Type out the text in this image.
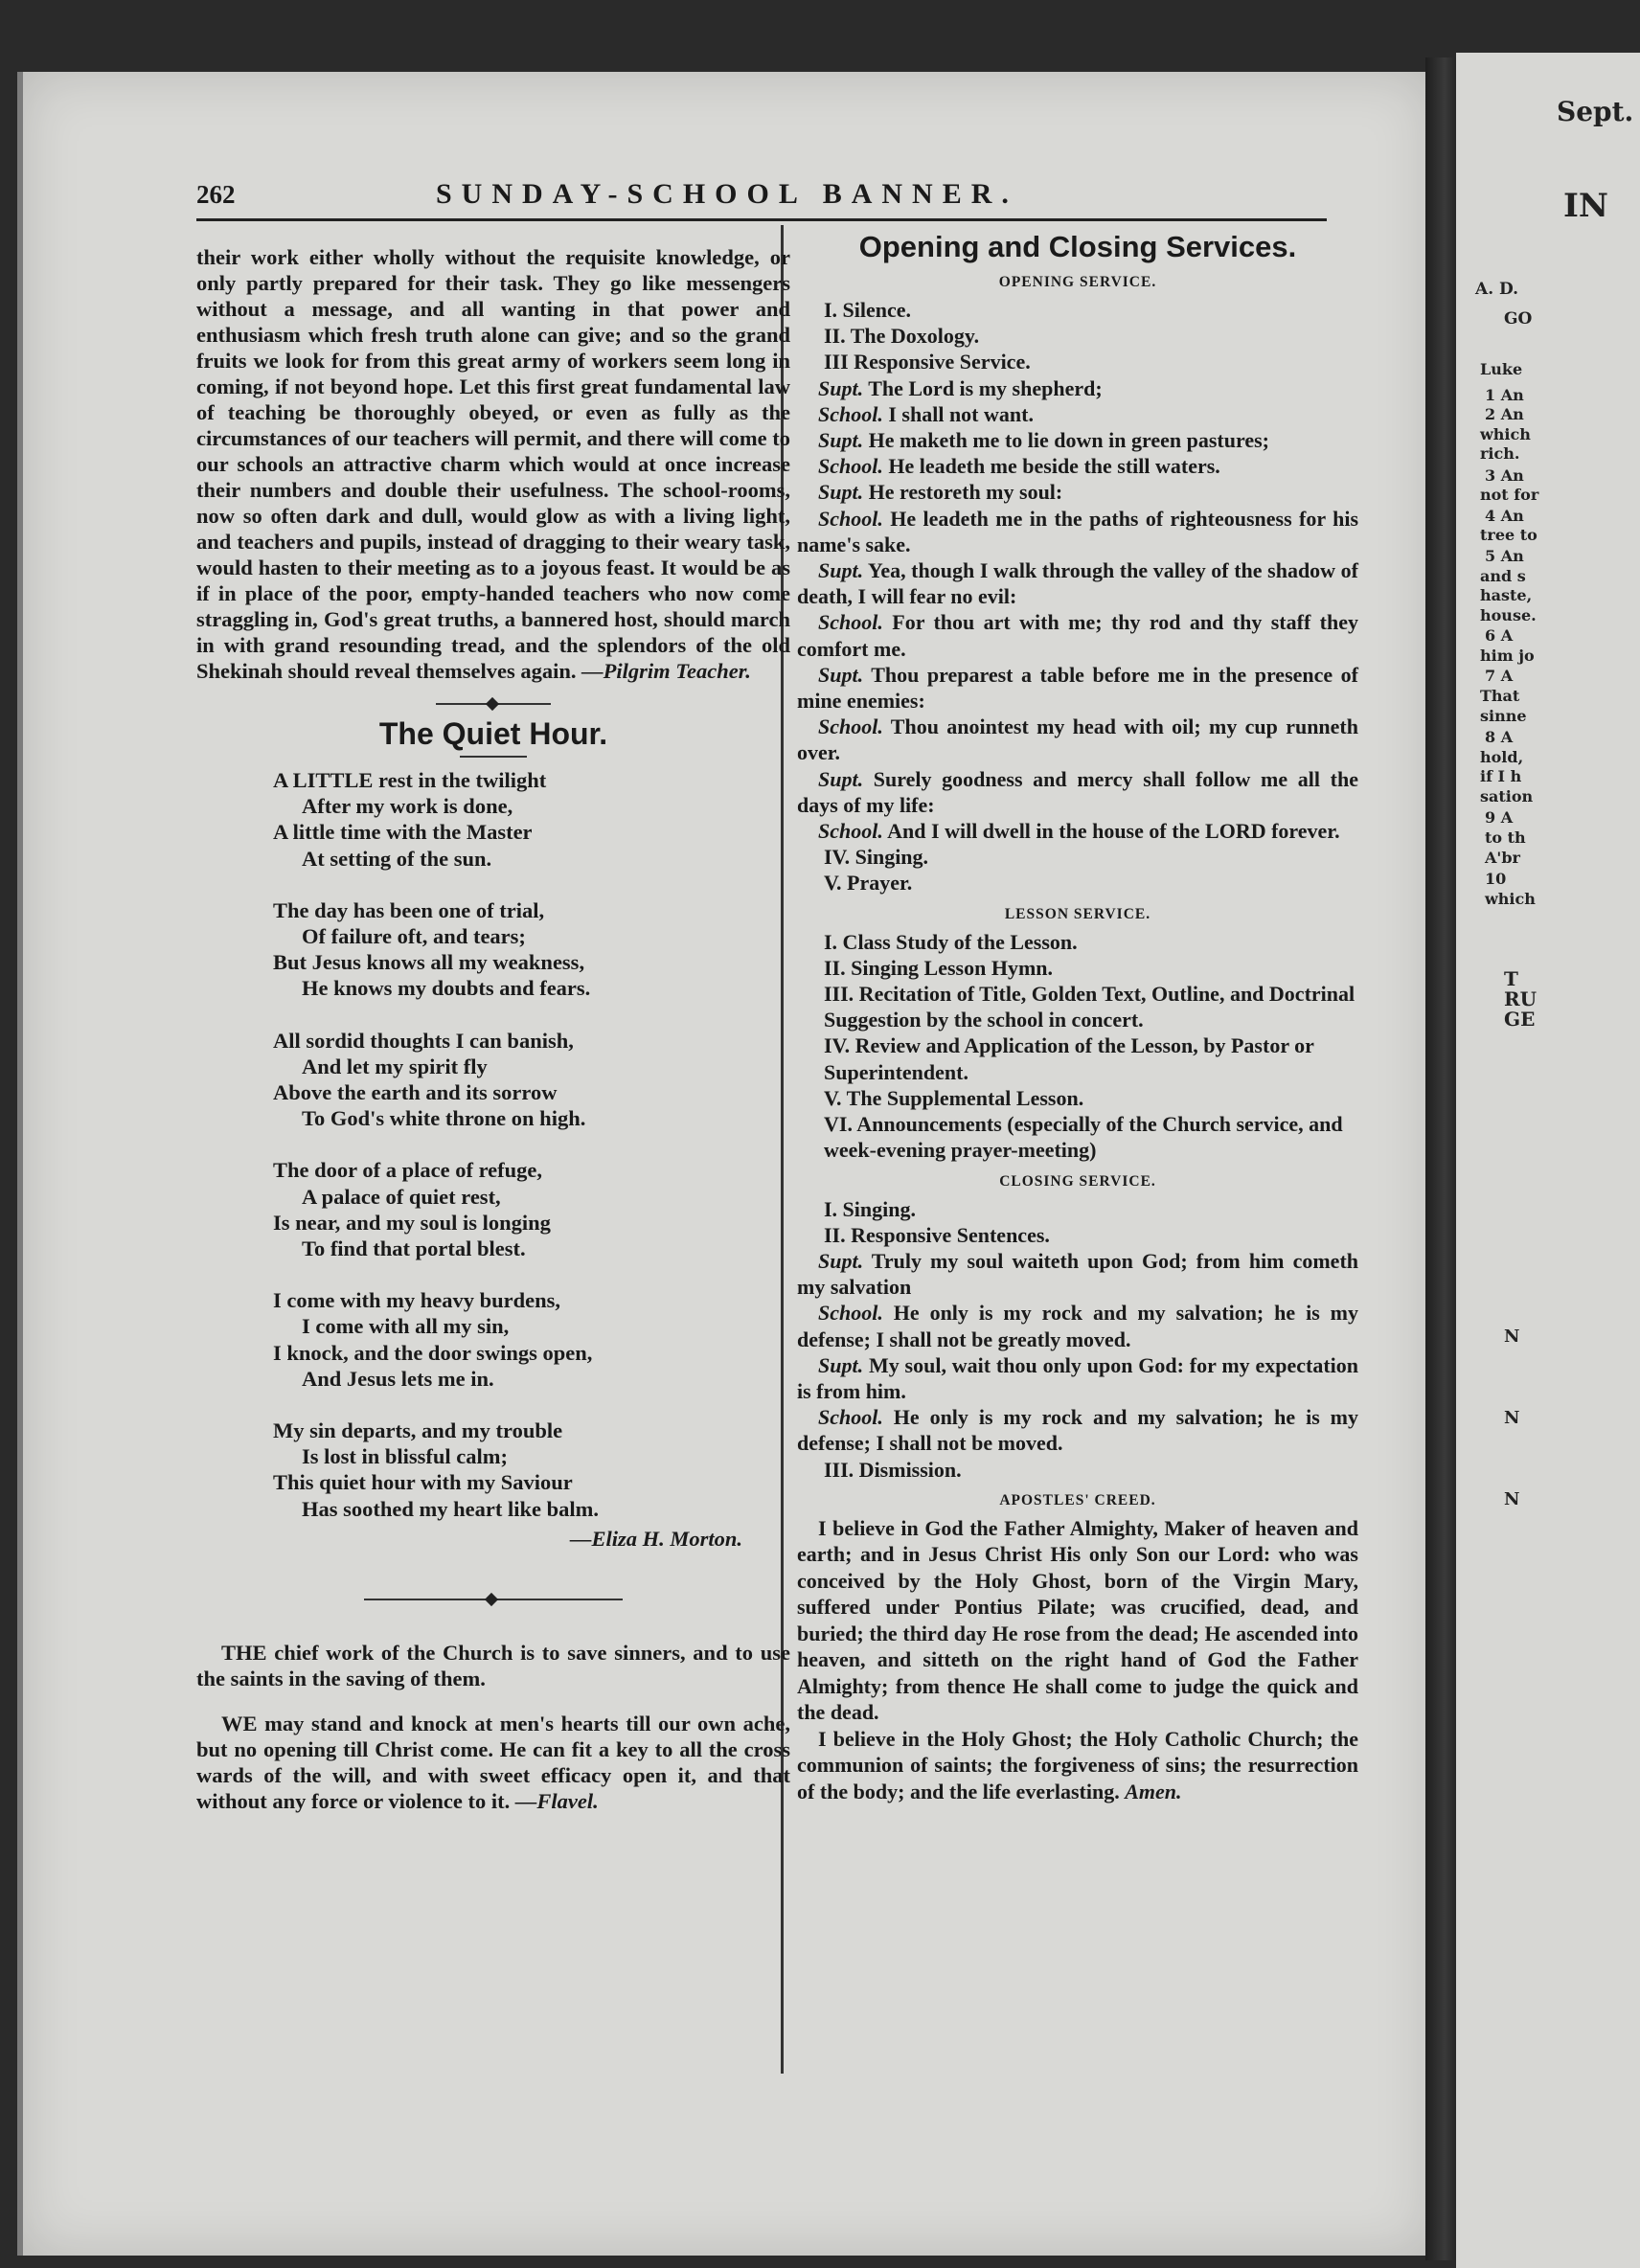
Sept.
IN
A. D.
GO
Luke
1 An
2 An
which
rich.
3 An
not for
4 An
tree to
5 An
and s
haste,
house.
6 A
him jo
7 A
That
sinne
8 A
hold,
if I h
sation
9 A
to th
A'br
10
which
T
RU
GE
N
N
N
262	SUNDAY-SCHOOL BANNER.

their work either wholly without the requisite knowledge, or only partly prepared for their task. They go like messengers without a message, and all wanting in that power and enthusiasm which fresh truth alone can give; and so the grand fruits we look for from this great army of workers seem long in coming, if not beyond hope. Let this first great fundamental law of teaching be thoroughly obeyed, or even as fully as the circumstances of our teachers will permit, and there will come to our schools an attractive charm which would at once increase their numbers and double their usefulness. The school-rooms, now so often dark and dull, would glow as with a living light, and teachers and pupils, instead of dragging to their weary task, would hasten to their meeting as to a joyous feast. It would be as if in place of the poor, empty-handed teachers who now come straggling in, God's great truths, a bannered host, should march in with grand resounding tread, and the splendors of the old Shekinah should reveal themselves again. —Pilgrim Teacher.

The Quiet Hour.
A LITTLE rest in the twilight
After my work is done,
A little time with the Master
At setting of the sun.
The day has been one of trial,
Of failure oft, and tears;
But Jesus knows all my weakness,
He knows my doubts and fears.
All sordid thoughts I can banish,
And let my spirit fly
Above the earth and its sorrow
To God's white throne on high.
The door of a place of refuge,
A palace of quiet rest,
Is near, and my soul is longing
To find that portal blest.
I come with my heavy burdens,
I come with all my sin,
I knock, and the door swings open,
And Jesus lets me in.
My sin departs, and my trouble
Is lost in blissful calm;
This quiet hour with my Saviour
Has soothed my heart like balm.
—Eliza H. Morton.

THE chief work of the Church is to save sinners, and to use the saints in the saving of them.

WE may stand and knock at men's hearts till our own ache, but no opening till Christ come. He can fit a key to all the cross wards of the will, and with sweet efficacy open it, and that without any force or violence to it. —Flavel.

Opening and Closing Services.
OPENING SERVICE.
I. Silence.
II. The Doxology.
III Responsive Service.
Supt. The Lord is my shepherd;
School. I shall not want.
Supt. He maketh me to lie down in green pastures;
School. He leadeth me beside the still waters.
Supt. He restoreth my soul:
School. He leadeth me in the paths of righteousness for his name's sake.
Supt. Yea, though I walk through the valley of the shadow of death, I will fear no evil:
School. For thou art with me; thy rod and thy staff they comfort me.
Supt. Thou preparest a table before me in the presence of mine enemies:
School. Thou anointest my head with oil; my cup runneth over.
Supt. Surely goodness and mercy shall follow me all the days of my life:
School. And I will dwell in the house of the LORD forever.
IV. Singing.
V. Prayer.
LESSON SERVICE.
I. Class Study of the Lesson.
II. Singing Lesson Hymn.
III. Recitation of Title, Golden Text, Outline, and Doctrinal Suggestion by the school in concert.
IV. Review and Application of the Lesson, by Pastor or Superintendent.
V. The Supplemental Lesson.
VI. Announcements (especially of the Church service, and week-evening prayer-meeting)
CLOSING SERVICE.
I. Singing.
II. Responsive Sentences.
Supt. Truly my soul waiteth upon God; from him cometh my salvation
School. He only is my rock and my salvation; he is my defense; I shall not be greatly moved.
Supt. My soul, wait thou only upon God: for my expectation is from him.
School. He only is my rock and my salvation; he is my defense; I shall not be moved.
III. Dismission.
APOSTLES' CREED.

I believe in God the Father Almighty, Maker of heaven and earth; and in Jesus Christ His only Son our Lord: who was conceived by the Holy Ghost, born of the Virgin Mary, suffered under Pontius Pilate; was crucified, dead, and buried; the third day He rose from the dead; He ascended into heaven, and sitteth on the right hand of God the Father Almighty; from thence He shall come to judge the quick and the dead.

I believe in the Holy Ghost; the Holy Catholic Church; the communion of saints; the forgiveness of sins; the resurrection of the body; and the life everlasting. Amen.
